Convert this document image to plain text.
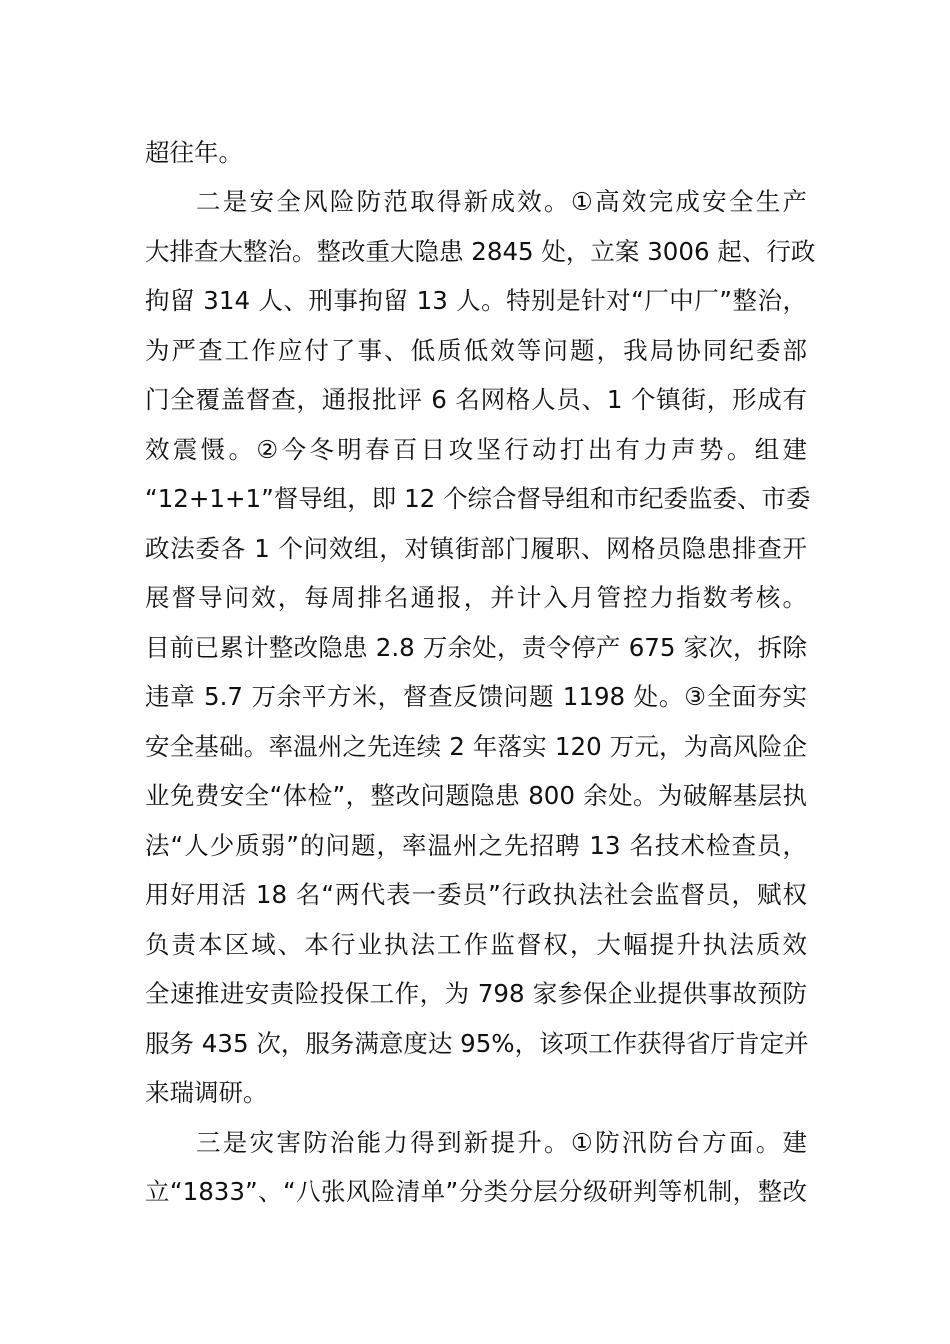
超往年。
二是安全风险防范取得新成效。①高效完成安全生产
大排查大整治。整改重大隐患 2845 处，立案 3006 起、行政
拘留 314 人、刑事拘留 13 人。特别是针对“厂中厂”整治，
为严查工作应付了事、低质低效等问题，我局协同纪委部
门全覆盖督查，通报批评 6 名网格人员、1 个镇街，形成有
效震慑。②今冬明春百日攻坚行动打出有力声势。组建
“12+1+1”督导组，即 12 个综合督导组和市纪委监委、市委
政法委各 1 个问效组，对镇街部门履职、网格员隐患排查开
展督导问效，每周排名通报，并计入月管控力指数考核。
目前已累计整改隐患 2.8 万余处，责令停产 675 家次，拆除
违章 5.7 万余平方米，督查反馈问题 1198 处。③全面夯实
安全基础。率温州之先连续 2 年落实 120 万元，为高风险企
业免费安全“体检”，整改问题隐患 800 余处。为破解基层执
法“人少质弱”的问题，率温州之先招聘 13 名技术检查员，
用好用活 18 名“两代表一委员”行政执法社会监督员，赋权
负责本区域、本行业执法工作监督权，大幅提升执法质效
全速推进安责险投保工作，为 798 家参保企业提供事故预防
服务 435 次，服务满意度达 95%，该项工作获得省厅肯定并
来瑞调研。
三是灾害防治能力得到新提升。①防汛防台方面。建
立“1833”、“八张风险清单”分类分层分级研判等机制，整改
